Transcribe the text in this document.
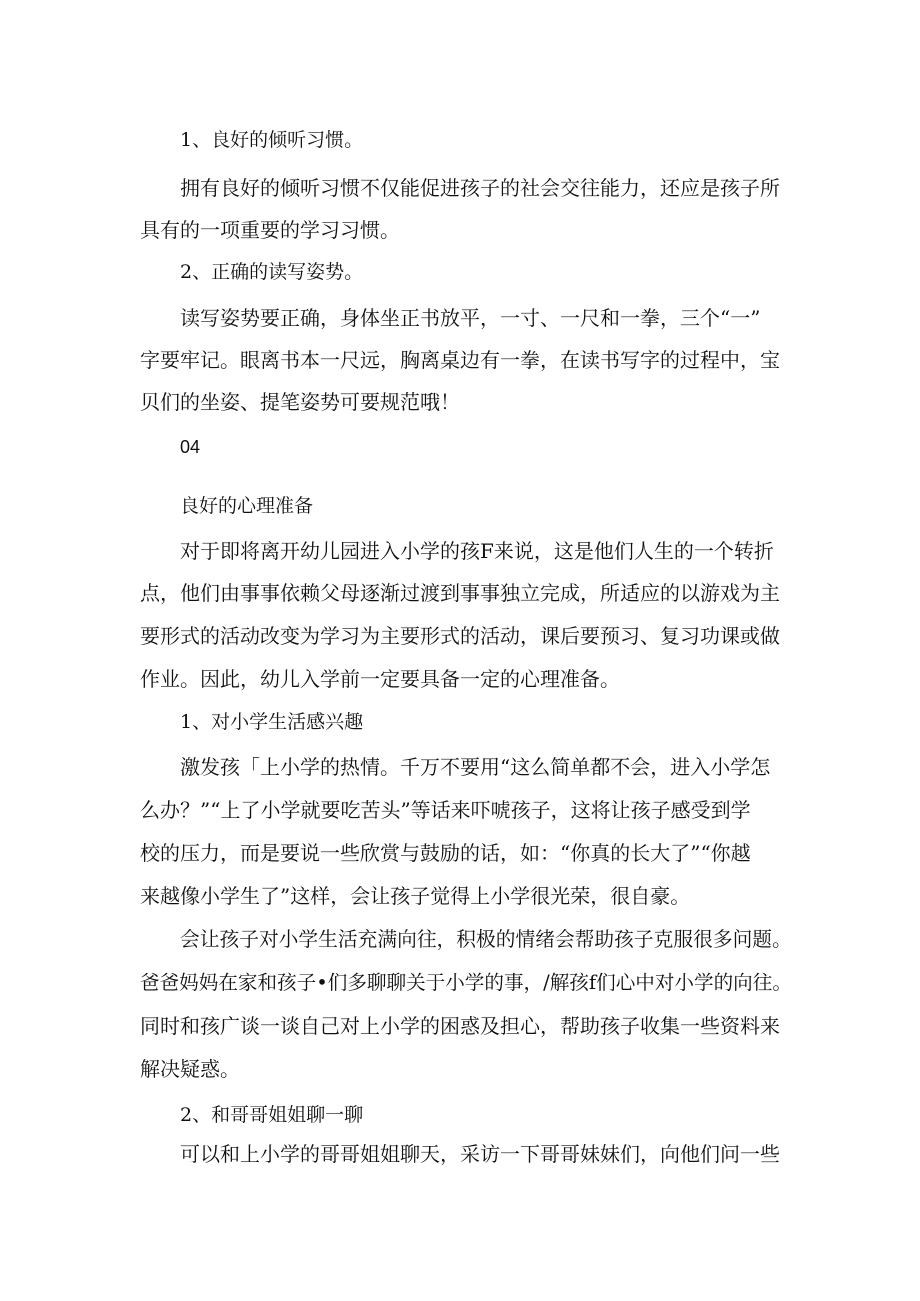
1、良好的倾听习惯。

拥有良好的倾听习惯不仅能促进孩子的社会交往能力，还应是孩子所

具有的一项重要的学习习惯。

2、正确的读写姿势。

读写姿势要正确，身体坐正书放平，一寸、一尺和一拳，三个“一”

字要牢记。眼离书本一尺远，胸离桌边有一拳，在读书写字的过程中，宝

贝们的坐姿、提笔姿势可要规范哦！

04

良好的心理准备

对于即将离开幼儿园进入小学的孩F来说，这是他们人生的一个转折

点，他们由事事依赖父母逐渐过渡到事事独立完成，所适应的以游戏为主

要形式的活动改变为学习为主要形式的活动，课后要预习、复习功课或做

作业。因此，幼儿入学前一定要具备一定的心理准备。

1、对小学生活感兴趣

激发孩「上小学的热情。千万不要用“这么简单都不会，进入小学怎

么办？”“上了小学就要吃苦头”等话来吓唬孩子，这将让孩子感受到学

校的压力，而是要说一些欣赏与鼓励的话，如：“你真的长大了”“你越

来越像小学生了”这样，会让孩子觉得上小学很光荣，很自豪。

会让孩子对小学生活充满向往，积极的情绪会帮助孩子克服很多问题。

爸爸妈妈在家和孩子•们多聊聊关于小学的事，/解孩f们心中对小学的向往。

同时和孩广谈一谈自己对上小学的困惑及担心，帮助孩子收集一些资料来

解决疑惑。

2、和哥哥姐姐聊一聊

可以和上小学的哥哥姐姐聊天，采访一下哥哥妹妹们，向他们问一些
